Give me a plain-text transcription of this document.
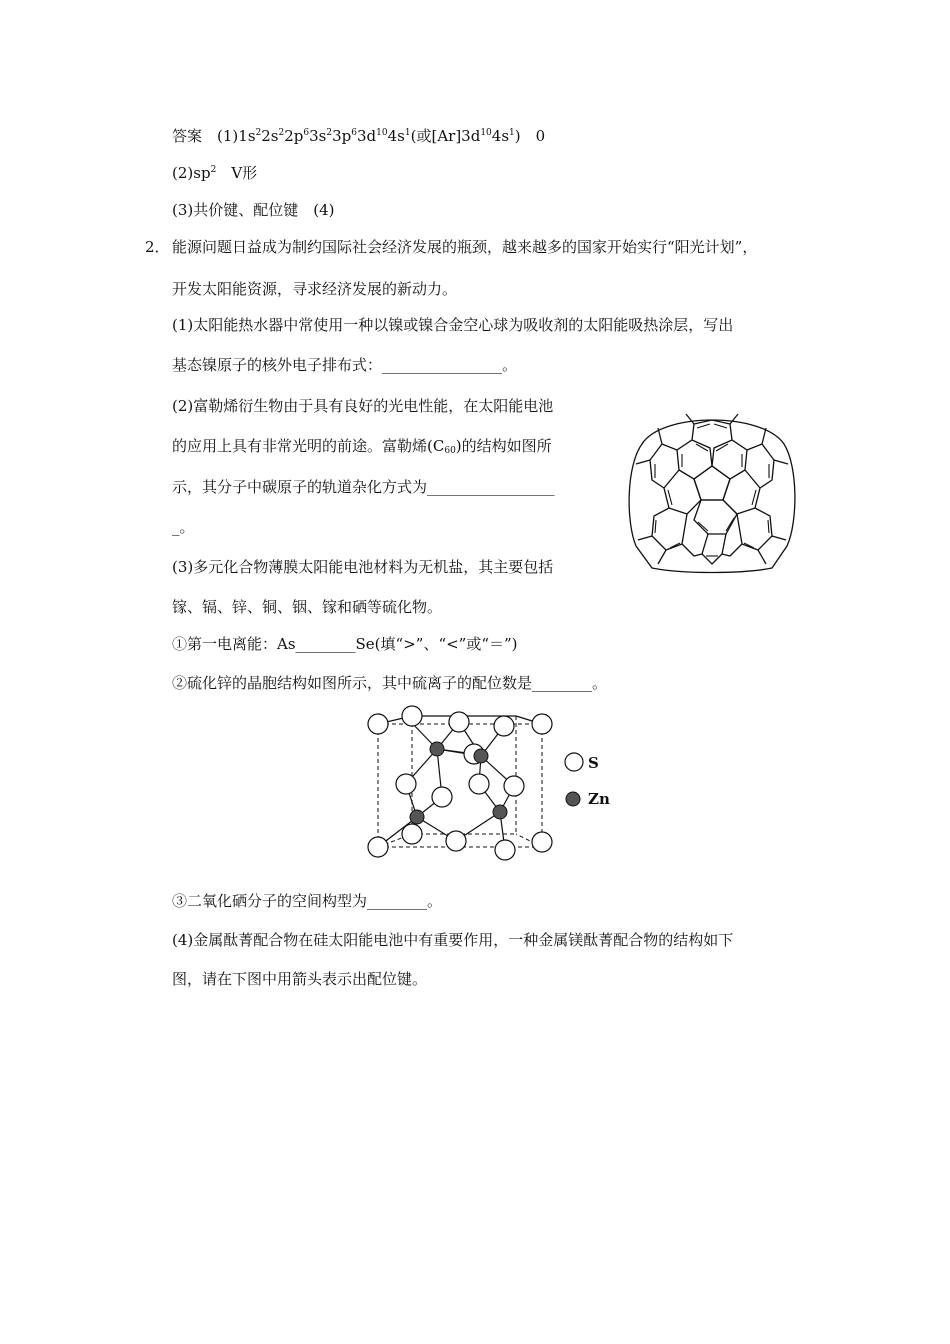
答案　 $(1)1s^22s^22p^63s^23p^63d^{10}4s^1$(或$[Ar]3d^{10}4s^1$)　 0
$(2)sp^2$　 V形
(3)共价键、配位键　(4)
2． 能源问题日益成为制约国际社会经济发展的瓶颈，越来越多的国家开始实行“阳光计划”，
开发太阳能资源，寻求经济发展的新动力。
(1)太阳能热水器中常使用一种以镍或镍合金空心球为吸收剂的太阳能吸热涂层，写出
基态镍原子的核外电子排布式：________________。
(2)富勒烯衍生物由于具有良好的光电性能，在太阳能电池
的应用上具有非常光明的前途。富勒烯$(C_{60})$的结构如图所
示，其分子中碳原子的轨道杂化方式为_________________
_。
(3)多元化合物薄膜太阳能电池材料为无机盐，其主要包括
镓、镉、锌、铜、铟、镓和硒等硫化物。
①第一电离能：As________Se(填“>”、“<”或“＝”)
②硫化锌的晶胞结构如图所示，其中硫离子的配位数是________。
③二氧化硒分子的空间构型为________。
(4)金属酞菁配合物在硅太阳能电池中有重要作用，一种金属镁酞菁配合物的结构如下
图，请在下图中用箭头表示出配位键。
S
Zn
